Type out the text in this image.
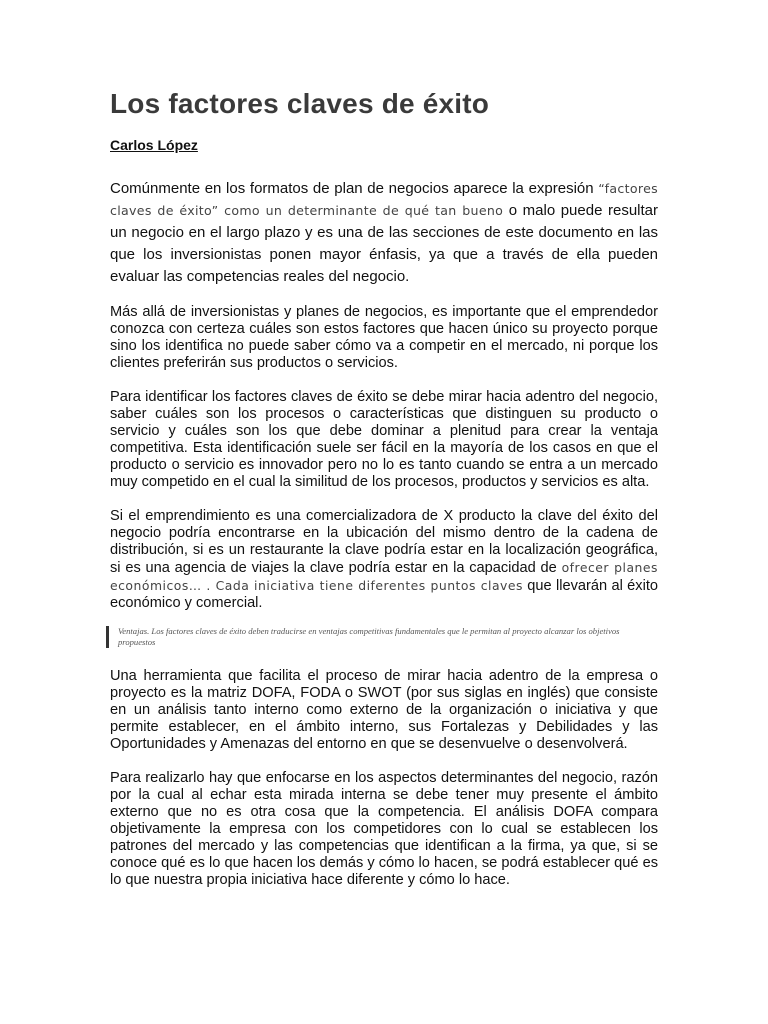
Los factores claves de éxito
Carlos López

Comúnmente en los formatos de plan de negocios aparece la expresión “factores claves de éxito” como un determinante de qué tan bueno o malo puede resultar un negocio en el largo plazo y es una de las secciones de este documento en las que los inversionistas ponen mayor énfasis, ya que a través de ella pueden evaluar las competencias reales del negocio.

Más allá de inversionistas y planes de negocios, es importante que el emprendedor conozca con certeza cuáles son estos factores que hacen único su proyecto porque sino los identifica no puede saber cómo va a competir en el mercado, ni porque los clientes preferirán sus productos o servicios.

Para identificar los factores claves de éxito se debe mirar hacia adentro del negocio, saber cuáles son los procesos o características que distinguen su producto o servicio y cuáles son los que debe dominar a plenitud para crear la ventaja competitiva. Esta identificación suele ser fácil en la mayoría de los casos en que el producto o servicio es innovador pero no lo es tanto cuando se entra a un mercado muy competido en el cual la similitud de los procesos, productos y servicios es alta.

Si el emprendimiento es una comercializadora de X producto la clave del éxito del negocio podría encontrarse en la ubicación del mismo dentro de la cadena de distribución, si es un restaurante la clave podría estar en la localización geográfica, si es una agencia de viajes la clave podría estar en la capacidad de ofrecer planes económicos… . Cada iniciativa tiene diferentes puntos claves que llevarán al éxito económico y comercial.

Ventajas. Los factores claves de éxito deben traducirse en ventajas competitivas fundamentales que le permitan al proyecto alcanzar los objetivos propuestos

Una herramienta que facilita el proceso de mirar hacia adentro de la empresa o proyecto es la matriz DOFA, FODA o SWOT (por sus siglas en inglés) que consiste en un análisis tanto interno como externo de la organización o iniciativa y que permite establecer, en el ámbito interno, sus Fortalezas y Debilidades y las Oportunidades y Amenazas del entorno en que se desenvuelve o desenvolverá.

Para realizarlo hay que enfocarse en los aspectos determinantes del negocio, razón por la cual al echar esta mirada interna se debe tener muy presente el ámbito externo que no es otra cosa que la competencia. El análisis DOFA compara objetivamente la empresa con los competidores con lo cual se establecen los patrones del mercado y las competencias que identifican a la firma, ya que, si se conoce qué es lo que hacen los demás y cómo lo hacen, se podrá establecer qué es lo que nuestra propia iniciativa hace diferente y cómo lo hace.
